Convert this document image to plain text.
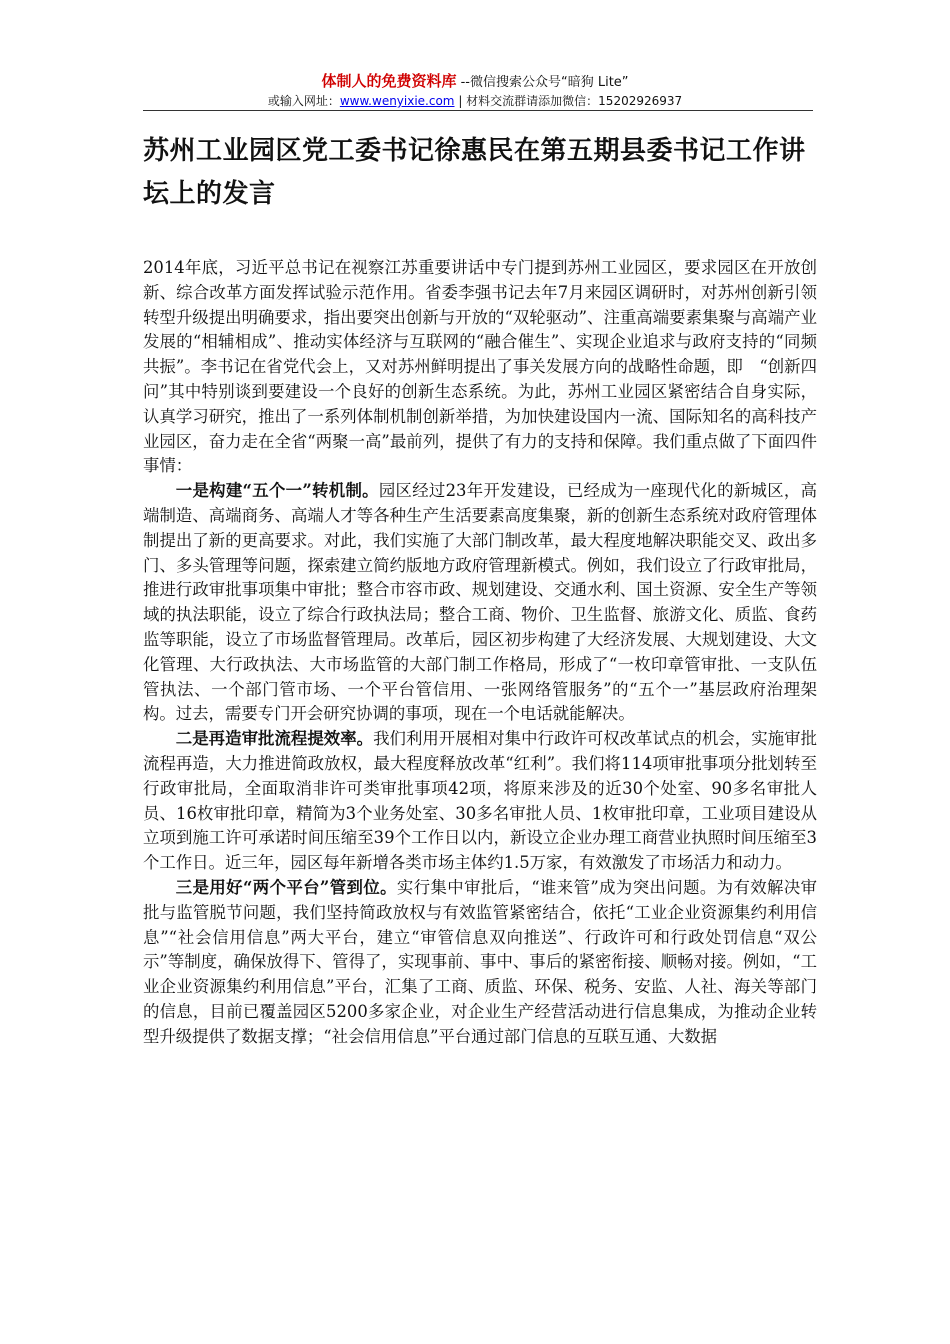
体制人的免费资料库 --微信搜索公众号“暗狗 Lite”
或输入网址：www.wenyixie.com | 材料交流群请添加微信：15202926937
苏州工业园区党工委书记徐惠民在第五期县委书记工作讲坛上的发言

2014年底，习近平总书记在视察江苏重要讲话中专门提到苏州工业园区，要求园区在开放创新、综合改革方面发挥试验示范作用。省委李强书记去年7月来园区调研时，对苏州创新引领转型升级提出明确要求，指出要突出创新与开放的“双轮驱动”、注重高端要素集聚与高端产业发展的“相辅相成”、推动实体经济与互联网的“融合催生”、实现企业追求与政府支持的“同频共振”。李书记在省党代会上，又对苏州鲜明提出了事关发展方向的战略性命题，即　“创新四问”其中特别谈到要建设一个良好的创新生态系统。为此，苏州工业园区紧密结合自身实际，认真学习研究，推出了一系列体制机制创新举措，为加快建设国内一流、国际知名的高科技产业园区，奋力走在全省“两聚一高”最前列，提供了有力的支持和保障。我们重点做了下面四件事情：

一是构建“五个一”转机制。园区经过23年开发建设，已经成为一座现代化的新城区，高端制造、高端商务、高端人才等各种生产生活要素高度集聚，新的创新生态系统对政府管理体制提出了新的更高要求。对此，我们实施了大部门制改革，最大程度地解决职能交叉、政出多门、多头管理等问题，探索建立简约版地方政府管理新模式。例如，我们设立了行政审批局，推进行政审批事项集中审批；整合市容市政、规划建设、交通水利、国土资源、安全生产等领域的执法职能，设立了综合行政执法局；整合工商、物价、卫生监督、旅游文化、质监、食药监等职能，设立了市场监督管理局。改革后，园区初步构建了大经济发展、大规划建设、大文化管理、大行政执法、大市场监管的大部门制工作格局，形成了“一枚印章管审批、一支队伍管执法、一个部门管市场、一个平台管信用、一张网络管服务”的“五个一”基层政府治理架构。过去，需要专门开会研究协调的事项，现在一个电话就能解决。

二是再造审批流程提效率。我们利用开展相对集中行政许可权改革试点的机会，实施审批流程再造，大力推进简政放权，最大程度释放改革“红利”。我们将114项审批事项分批划转至行政审批局，全面取消非许可类审批事项42项，将原来涉及的近30个处室、90多名审批人员、16枚审批印章，精简为3个业务处室、30多名审批人员、1枚审批印章，工业项目建设从立项到施工许可承诺时间压缩至39个工作日以内，新设立企业办理工商营业执照时间压缩至3个工作日。近三年，园区每年新增各类市场主体约1.5万家，有效激发了市场活力和动力。

三是用好“两个平台”管到位。实行集中审批后，“谁来管”成为突出问题。为有效解决审批与监管脱节问题，我们坚持简政放权与有效监管紧密结合，依托“工业企业资源集约利用信息”“社会信用信息”两大平台，建立“审管信息双向推送”、行政许可和行政处罚信息“双公示”等制度，确保放得下、管得了，实现事前、事中、事后的紧密衔接、顺畅对接。例如，“工业企业资源集约利用信息”平台，汇集了工商、质监、环保、税务、安监、人社、海关等部门的信息，目前已覆盖园区5200多家企业，对企业生产经营活动进行信息集成，为推动企业转型升级提供了数据支撑；“社会信用信息”平台通过部门信息的互联互通、大数据
